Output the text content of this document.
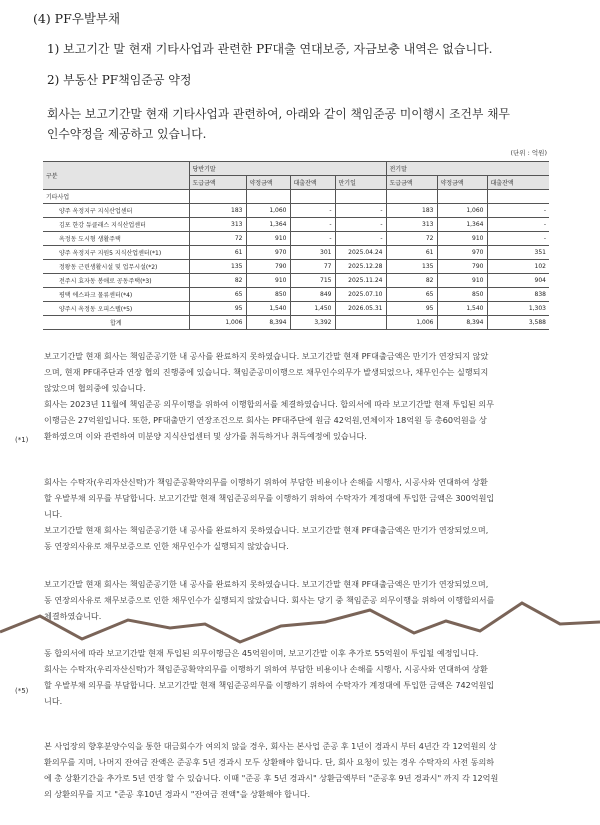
(4) PF우발부채
1) 보고기간 말 현재 기타사업과 관련한 PF대출 연대보증, 자금보충 내역은 없습니다.
2) 부동산 PF책임준공 약정
회사는 보고기간말 현재 기타사업과 관련하여, 아래와 같이 책임준공 미이행시 조건부 채무
인수약정을 제공하고 있습니다.
(단위 : 억원)
구분	당반기말				전기말		
	도급금액	약정금액	대출잔액	만기일	도급금액	약정금액	대출잔액
기타사업							
양주 옥정지구 지식산업센터	183	1,060	-	-	183	1,060	-
김포 한강 듀클래스 지식산업센터	313	1,364	-	-	313	1,364	-
옥정동 도시형 생활주택	72	910	-	-	72	910	-
양주 옥정지구 지원5 지식산업센터(*1)	61	970	301	2025.04.24	61	970	351
정왕동 근린생활시설 및 업무시설(*2)	135	790	77	2025.12.28	135	790	102
전주시 효자동 봉애로 공동주택(*3)	82	910	715	2025.11.24	82	910	904
평택 에스파크 물류센터(*4)	65	850	849	2025.07.10	65	850	838
양주시 옥정동 오피스텔(*5)	95	1,540	1,450	2026.05.31	95	1,540	1,303
합계	1,006	8,394	3,392		1,006	8,394	3,588
(*1)
(*5)
보고기간말 현재 회사는 책임준공기한 내 공사를 완료하지 못하였습니다. 보고기간말 현재 PF대출금액은 만기가 연장되지 않았
으며, 현재 PF대주단과 연장 협의 진행중에 있습니다. 책임준공미이행으로 채무인수의무가 발생되었으나, 채무인수는 실행되지
않았으며 협의중에 있습니다.
회사는 2023년 11월에 책임준공 의무이행을 위하여 이행합의서를 체결하였습니다. 합의서에 따라 보고기간말 현재 투입된 의무
이행금은 27억원입니다. 또한, PF대출만기 연장조건으로 회사는 PF대주단에 원금 42억원,연체이자 18억원 등 총60억원을 상
환하였으며 이와 관련하여 미분양 지식산업센터 및 상가를 취득하거나 취득예정에 있습니다.
회사는 수탁자(우리자산신탁)가 책임준공확약의무를 이행하기 위하여 부담한 비용이나 손해를 시행사, 시공사와 연대하여 상환
할 우발부채 의무를 부담합니다. 보고기간말 현재 책임준공의무를 이행하기 위하여 수탁자가 계정대에 투입한 금액은 300억원입
니다.
보고기간말 현재 회사는 책임준공기한 내 공사를 완료하지 못하였습니다. 보고기간말 현재 PF대출금액은 만기가 연장되었으며,
동 연장의사유로 채무보증으로 인한 채무인수가 실행되지 않았습니다.
보고기간말 현재 회사는 책임준공기한 내 공사를 완료하지 못하였습니다. 보고기간말 현재 PF대출금액은 만기가 연장되었으며,
동 연장의사유로 채무보증으로 인한 채무인수가 실행되지 않았습니다. 회사는 당기 중 책임준공 의무이행을 위하여 이행합의서를
체결하였습니다.
동 합의서에 따라 보고기간말 현재 투입된 의무이행금은 45억원이며, 보고기간말 이후 추가로 55억원이 투입될 예정입니다.
회사는 수탁자(우리자산신탁)가 책임준공확약의무를 이행하기 위하여 부담한 비용이나 손해를 시행사, 시공사와 연대하여 상환
할 우발부채 의무를 부담합니다. 보고기간말 현재 책임준공의무를 이행하기 위하여 수탁자가 계정대에 투입한 금액은 742억원입
니다.
본 사업장의 향후분양수익을 통한 대금회수가 여의치 않을 경우, 회사는 본사업 준공 후 1년이 경과시 부터 4년간 각 12억원의 상
환의무를 지며, 나머지 잔여금 잔액은 준공후 5년 경과시 모두 상환해야 합니다. 단, 회사 요청이 있는 경우 수탁자의 사전 동의하
에 총 상환기간을 추가로 5년 연장 할 수 있습니다. 이때 "준공 후 5년 경과시" 상환금액부터 "준공후 9년 경과시" 까지 각 12억원
의 상환의무를 지고 "준공 후10년 경과시 "잔여금 전액"을 상환해야 합니다.
